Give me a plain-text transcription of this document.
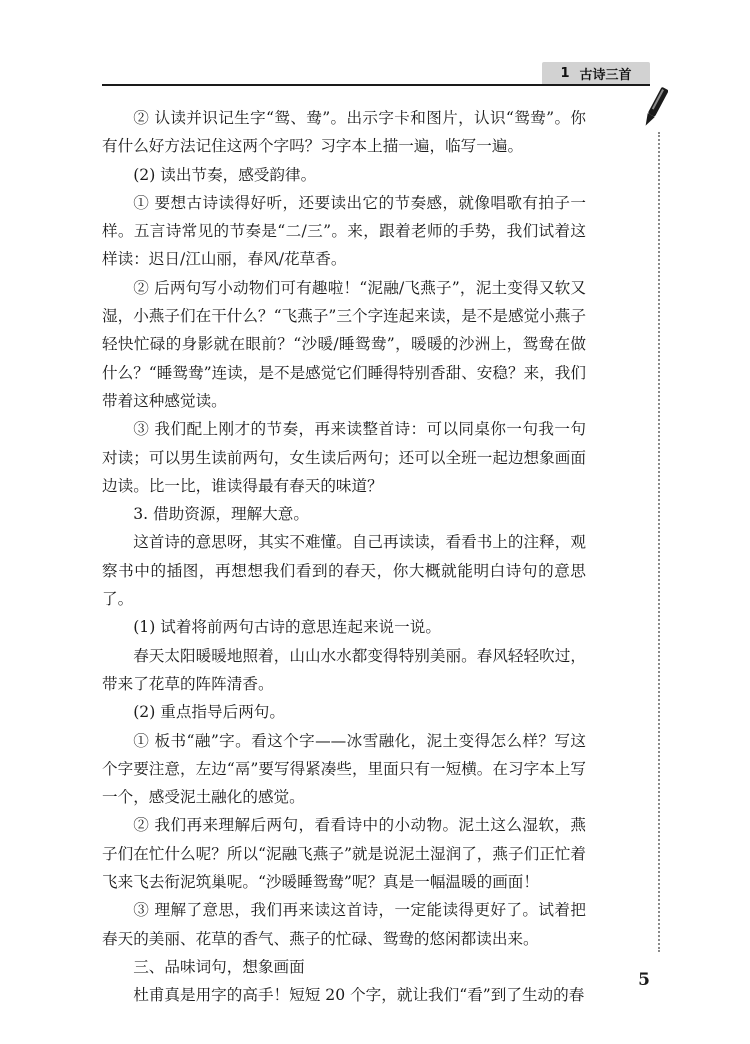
1 古诗三首

② 认读并识记生字“鸳、鸯”。出示字卡和图片，认识“鸳鸯”。你有什么好方法记住这两个字吗？习字本上描一遍，临写一遍。

(2) 读出节奏，感受韵律。

① 要想古诗读得好听，还要读出它的节奏感，就像唱歌有拍子一样。五言诗常见的节奏是“二/三”。来，跟着老师的手势，我们试着这样读：迟日/江山丽，春风/花草香。

② 后两句写小动物们可有趣啦！“泥融/飞燕子”，泥土变得又软又湿，小燕子们在干什么？“飞燕子”三个字连起来读，是不是感觉小燕子轻快忙碌的身影就在眼前？“沙暖/睡鸳鸯”，暖暖的沙洲上，鸳鸯在做什么？“睡鸳鸯”连读，是不是感觉它们睡得特别香甜、安稳？来，我们带着这种感觉读。

③ 我们配上刚才的节奏，再来读整首诗：可以同桌你一句我一句对读；可以男生读前两句，女生读后两句；还可以全班一起边想象画面边读。比一比，谁读得最有春天的味道？

3. 借助资源，理解大意。

这首诗的意思呀，其实不难懂。自己再读读，看看书上的注释，观察书中的插图，再想想我们看到的春天，你大概就能明白诗句的意思了。

(1) 试着将前两句古诗的意思连起来说一说。

春天太阳暖暖地照着，山山水水都变得特别美丽。春风轻轻吹过，带来了花草的阵阵清香。

(2) 重点指导后两句。

① 板书“融”字。看这个字——冰雪融化，泥土变得怎么样？写这个字要注意，左边“鬲”要写得紧凑些，里面只有一短横。在习字本上写一个，感受泥土融化的感觉。

② 我们再来理解后两句，看看诗中的小动物。泥土这么湿软，燕子们在忙什么呢？所以“泥融飞燕子”就是说泥土湿润了，燕子们正忙着飞来飞去衔泥筑巢呢。“沙暖睡鸳鸯”呢？真是一幅温暖的画面！

③ 理解了意思，我们再来读这首诗，一定能读得更好了。试着把春天的美丽、花草的香气、燕子的忙碌、鸳鸯的悠闲都读出来。

三、品味词句，想象画面

杜甫真是用字的高手！短短 20 个字，就让我们“看”到了生动的春

5
